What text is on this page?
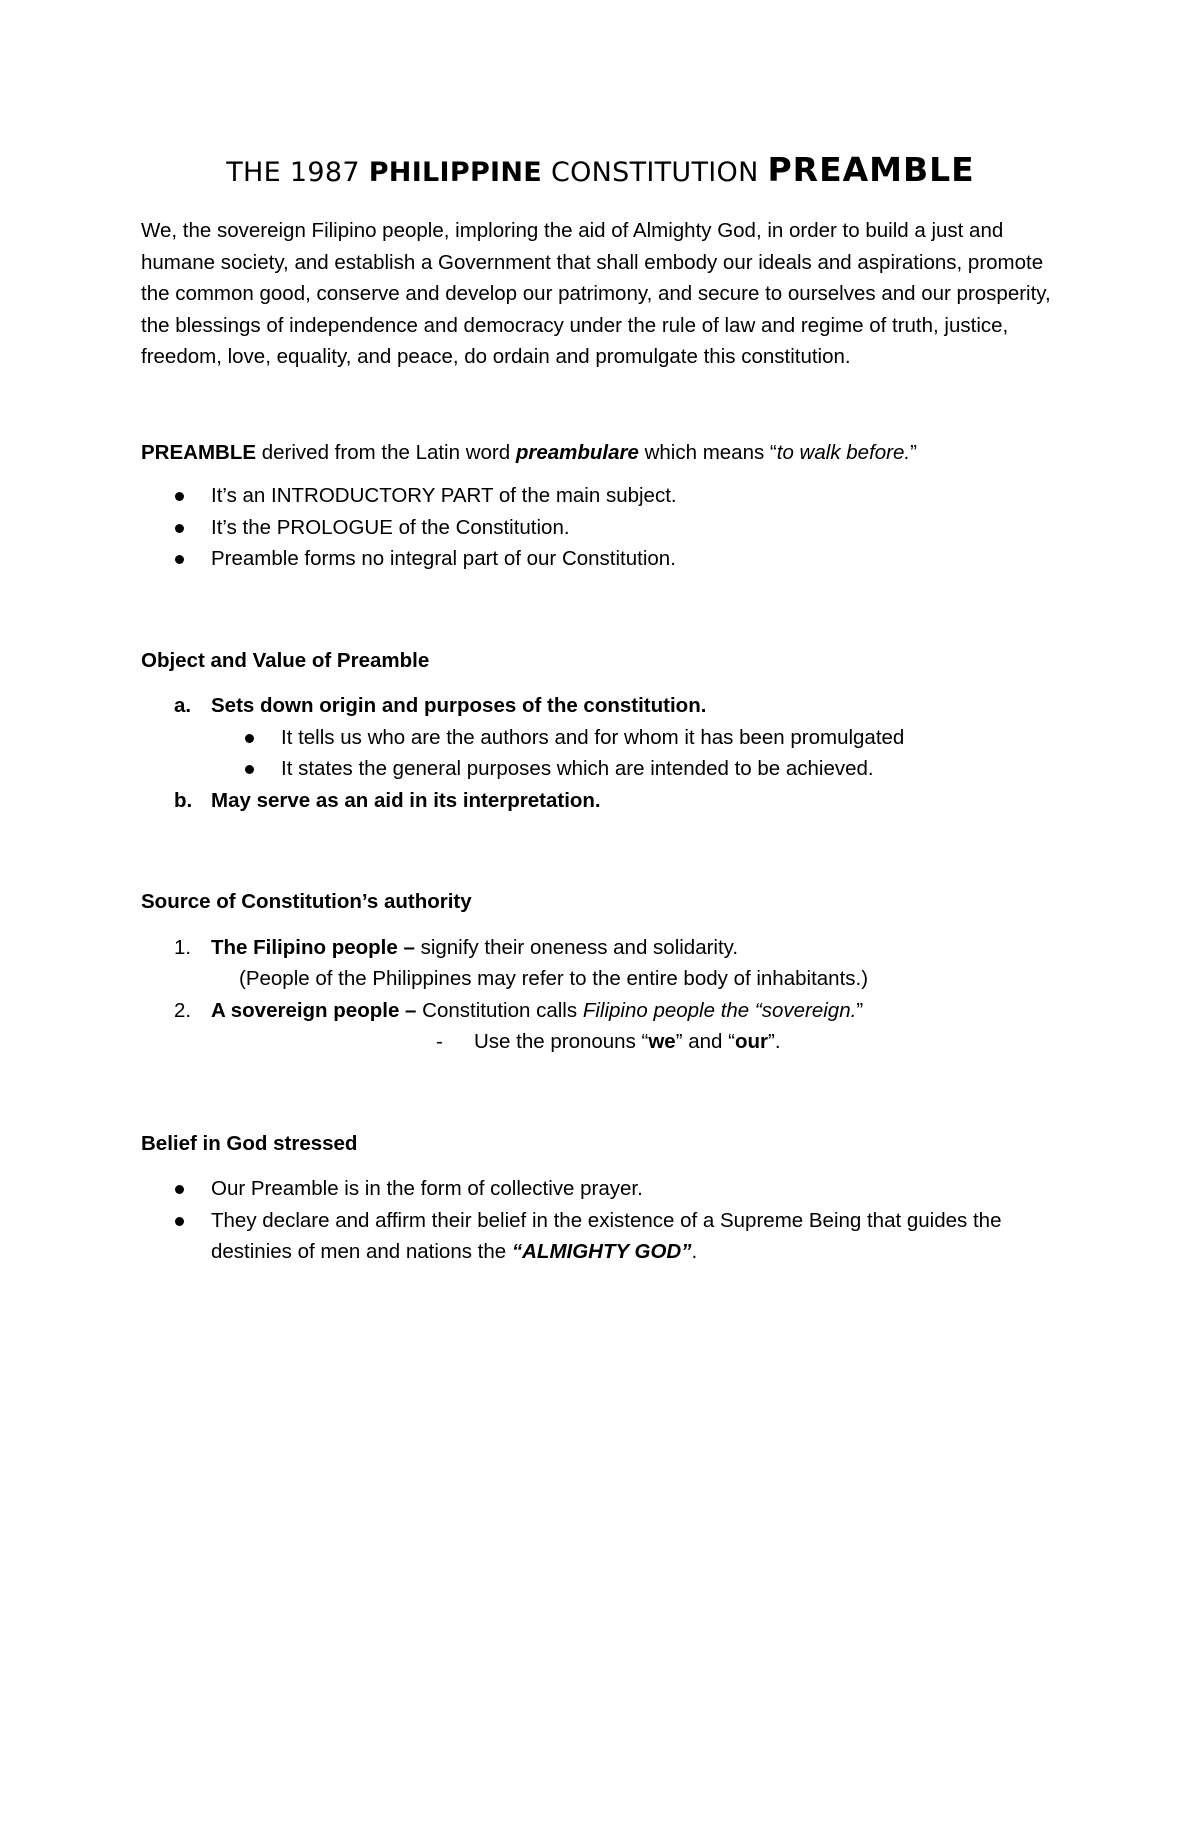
THE 1987 PHILIPPINE CONSTITUTION PREAMBLE

We, the sovereign Filipino people, imploring the aid of Almighty God, in order to build a just and humane society, and establish a Government that shall embody our ideals and aspirations, promote the common good, conserve and develop our patrimony, and secure to ourselves and our prosperity, the blessings of independence and democracy under the rule of law and regime of truth, justice, freedom, love, equality, and peace, do ordain and promulgate this constitution.

PREAMBLE derived from the Latin word preambulare which means “to walk before.”

It’s an INTRODUCTORY PART of the main subject.
It’s the PROLOGUE of the Constitution.
Preamble forms no integral part of our Constitution.
Object and Value of Preamble
a. Sets down origin and purposes of the constitution.
It tells us who are the authors and for whom it has been promulgated
It states the general purposes which are intended to be achieved.
b. May serve as an aid in its interpretation.
Source of Constitution’s authority
1. The Filipino people – signify their oneness and solidarity.
(People of the Philippines may refer to the entire body of inhabitants.)
2. A sovereign people – Constitution calls Filipino people the “sovereign.”
- Use the pronouns “we” and “our”.
Belief in God stressed
Our Preamble is in the form of collective prayer.
They declare and affirm their belief in the existence of a Supreme Being that guides the destinies of men and nations the “ALMIGHTY GOD”.
